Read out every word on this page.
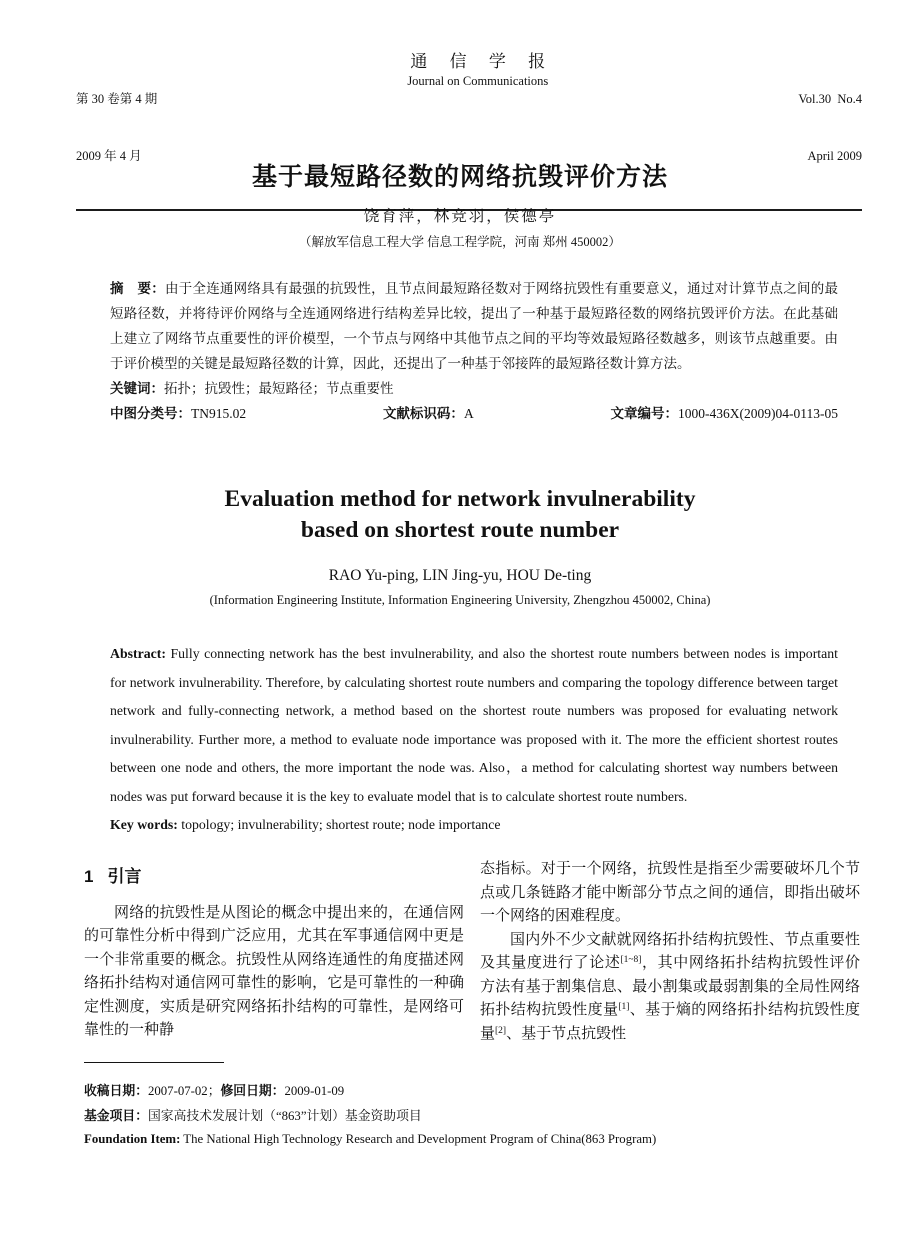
第 30 卷第 4 期

2009 年 4 月

通 信 学 报
Journal on Communications

Vol.30  No.4

April 2009

基于最短路径数的网络抗毁评价方法
饶育萍，林竞羽，侯德亭
（解放军信息工程大学 信息工程学院，河南 郑州 450002）

摘　要：由于全连通网络具有最强的抗毁性，且节点间最短路径数对于网络抗毁性有重要意义，通过对计算节点之间的最短路径数，并将待评价网络与全连通网络进行结构差异比较，提出了一种基于最短路径数的网络抗毁评价方法。在此基础上建立了网络节点重要性的评价模型，一个节点与网络中其他节点之间的平均等效最短路径数越多，则该节点越重要。由于评价模型的关键是最短路径数的计算，因此，还提出了一种基于邻接阵的最短路径数计算方法。

关键词：拓扑；抗毁性；最短路径；节点重要性
中图分类号：TN915.02	文献标识码：A	文章编号：1000-436X(2009)04-0113-05
Evaluation method for network invulnerability
based on shortest route number
RAO Yu-ping, LIN Jing-yu, HOU De-ting
(Information Engineering Institute, Information Engineering University, Zhengzhou 450002, China)

Abstract: Fully connecting network has the best invulnerability, and also the shortest route numbers between nodes is important for network invulnerability. Therefore, by calculating shortest route numbers and comparing the topology difference between target network and fully-connecting network, a method based on the shortest route numbers was proposed for evaluating network invulnerability. Further more, a method to evaluate node importance was proposed with it. The more the efficient shortest routes between one node and others, the more important the node was. Also，a method for calculating shortest way numbers between nodes was put forward because it is the key to evaluate model that is to calculate shortest route numbers.

Key words: topology; invulnerability; shortest route; node importance
1 引言

网络的抗毁性是从图论的概念中提出来的，在通信网的可靠性分析中得到广泛应用，尤其在军事通信网中更是一个非常重要的概念。抗毁性从网络连通性的角度描述网络拓扑结构对通信网可靠性的影响，它是可靠性的一种确定性测度，实质是研究网络拓扑结构的可靠性，是网络可靠性的一种静

态指标。对于一个网络，抗毁性是指至少需要破坏几个节点或几条链路才能中断部分节点之间的通信，即指出破坏一个网络的困难程度。

国内外不少文献就网络拓扑结构抗毁性、节点重要性及其量度进行了论述[1~8]，其中网络拓扑结构抗毁性评价方法有基于割集信息、最小割集或最弱割集的全局性网络拓扑结构抗毁性度量[1]、基于熵的网络拓扑结构抗毁性度量[2]、基于节点抗毁性

收稿日期：2007-07-02；修回日期：2009-01-09
基金项目：国家高技术发展计划（“863”计划）基金资助项目
Foundation Item: The National High Technology Research and Development Program of China(863 Program)
